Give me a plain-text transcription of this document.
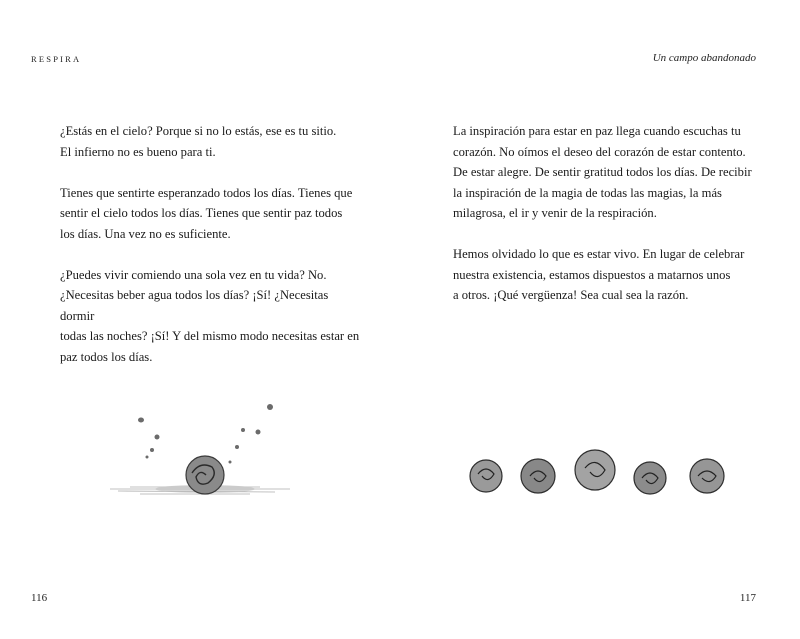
RESPIRA

¿Estás en el cielo? Porque si no lo estás, ese es tu sitio.
El infierno no es bueno para ti.

Tienes que sentirte esperanzado todos los días. Tienes que
sentir el cielo todos los días. Tienes que sentir paz todos
los días. Una vez no es suficiente.

¿Puedes vivir comiendo una sola vez en tu vida? No.
¿Necesitas beber agua todos los días? ¡Sí! ¿Necesitas dormir
todas las noches? ¡Sí! Y del mismo modo necesitas estar en
paz todos los días.

116
Un campo abandonado

La inspiración para estar en paz llega cuando escuchas tu
corazón. No oímos el deseo del corazón de estar contento.
De estar alegre. De sentir gratitud todos los días. De recibir
la inspiración de la magia de todas las magias, la más
milagrosa, el ir y venir de la respiración.

Hemos olvidado lo que es estar vivo. En lugar de celebrar
nuestra existencia, estamos dispuestos a matarnos unos
a otros. ¡Qué vergüenza! Sea cual sea la razón.

117
